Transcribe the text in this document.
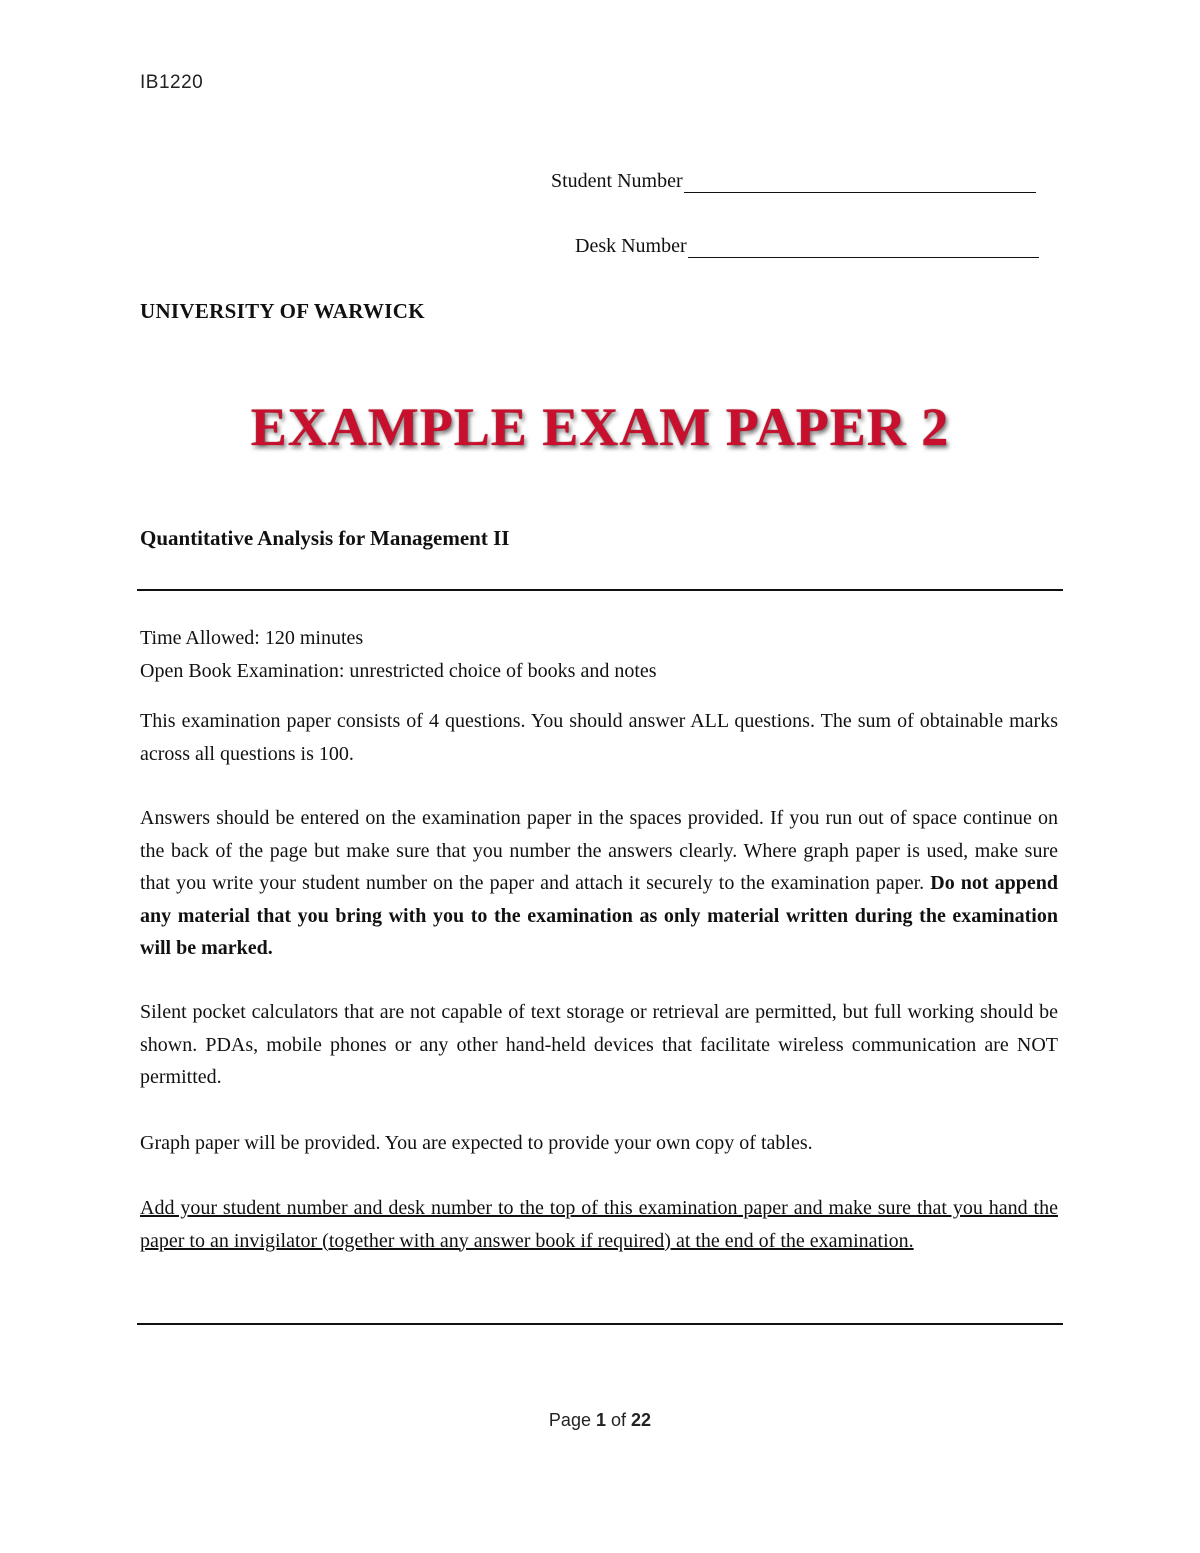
IB1220
Student Number
Desk Number
UNIVERSITY OF WARWICK
EXAMPLE EXAM PAPER 2
Quantitative Analysis for Management II
Time Allowed: 120 minutes
Open Book Examination: unrestricted choice of books and notes
This examination paper consists of 4 questions. You should answer ALL questions. The sum of obtainable marks across all questions is 100.
Answers should be entered on the examination paper in the spaces provided. If you run out of space continue on the back of the page but make sure that you number the answers clearly. Where graph paper is used, make sure that you write your student number on the paper and attach it securely to the examination paper. Do not append any material that you bring with you to the examination as only material written during the examination will be marked.
Silent pocket calculators that are not capable of text storage or retrieval are permitted, but full working should be shown. PDAs, mobile phones or any other hand-held devices that facilitate wireless communication are NOT permitted.
Graph paper will be provided. You are expected to provide your own copy of tables.
Add your student number and desk number to the top of this examination paper and make sure that you hand the paper to an invigilator (together with any answer book if required) at the end of the examination.
Page 1 of 22
